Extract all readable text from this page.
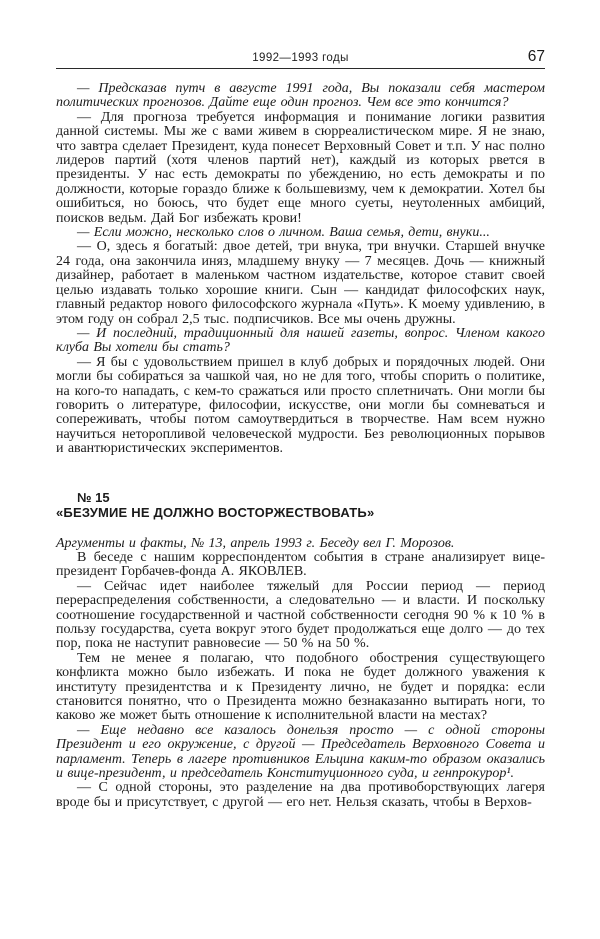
1992—1993 годы	67

— Предсказав путч в августе 1991 года, Вы показали себя мастером политических прогнозов. Дайте еще один прогноз. Чем все это кончится?

— Для прогноза требуется информация и понимание логики развития данной системы. Мы же с вами живем в сюрреалистическом мире. Я не знаю, что завтра сделает Президент, куда понесет Верховный Совет и т.п. У нас полно лидеров партий (хотя членов партий нет), каждый из которых рвется в президенты. У нас есть демократы по убеждению, но есть демократы и по должности, которые гораздо ближе к большевизму, чем к демократии. Хотел бы ошибиться, но боюсь, что будет еще много суеты, неутоленных амбиций, поисков ведьм. Дай Бог избежать крови!

— Если можно, несколько слов о личном. Ваша семья, дети, внуки...

— О, здесь я богатый: двое детей, три внука, три внучки. Старшей внучке 24 года, она закончила иняз, младшему внуку — 7 месяцев. Дочь — книжный дизайнер, работает в маленьком частном издательстве, которое ставит своей целью издавать только хорошие книги. Сын — кандидат философских наук, главный редактор нового философского журнала «Путь». К моему удивлению, в этом году он собрал 2,5 тыс. подписчиков. Все мы очень дружны.

— И последний, традиционный для нашей газеты, вопрос. Членом какого клуба Вы хотели бы стать?

— Я бы с удовольствием пришел в клуб добрых и порядочных людей. Они могли бы собираться за чашкой чая, но не для того, чтобы спорить о политике, на кого-то нападать, с кем-то сражаться или просто сплетничать. Они могли бы говорить о литературе, философии, искусстве, они могли бы сомневаться и сопереживать, чтобы потом самоутвердиться в творчестве. Нам всем нужно научиться неторопливой человеческой мудрости. Без революционных порывов и авантюристических экспериментов.

№ 15
«БЕЗУМИЕ НЕ ДОЛЖНО ВОСТОРЖЕСТВОВАТЬ»

Аргументы и факты, № 13, апрель 1993 г. Беседу вел Г. Морозов.

В беседе с нашим корреспондентом события в стране анализирует вице-президент Горбачев-фонда А. ЯКОВЛЕВ.

— Сейчас идет наиболее тяжелый для России период — период перераспределения собственности, а следовательно — и власти. И поскольку соотношение государственной и частной собственности сегодня 90 % к 10 % в пользу государства, суета вокруг этого будет продолжаться еще долго — до тех пор, пока не наступит равновесие — 50 % на 50 %.

Тем не менее я полагаю, что подобного обострения существующего конфликта можно было избежать. И пока не будет должного уважения к институту президентства и к Президенту лично, не будет и порядка: если становится понятно, что о Президента можно безнаказанно вытирать ноги, то каково же может быть отношение к исполнительной власти на местах?

— Еще недавно все казалось донельзя просто — с одной стороны Президент и его окружение, с другой — Председатель Верховного Совета и парламент. Теперь в лагере противников Ельцина каким-то образом оказались и вице-президент, и председатель Конституционного суда, и генпрокурор¹.

— С одной стороны, это разделение на два противоборствующих лагеря вроде бы и присутствует, с другой — его нет. Нельзя сказать, чтобы в Верхов-
